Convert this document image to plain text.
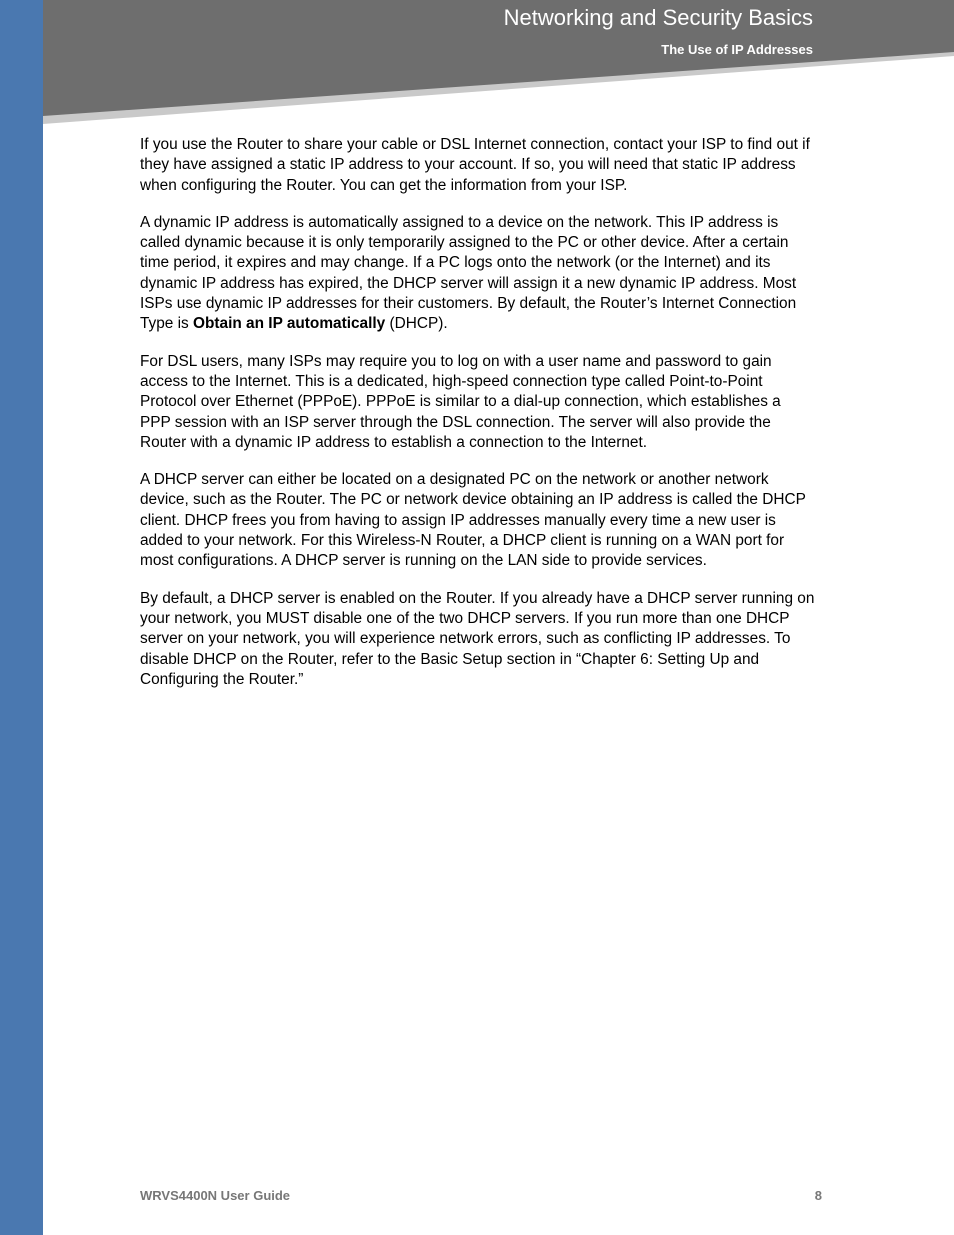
Networking and Security Basics
The Use of IP Addresses

If you use the Router to share your cable or DSL Internet connection, contact your ISP to find out if they have assigned a static IP address to your account. If so, you will need that static IP address when configuring the Router. You can get the information from your ISP.

A dynamic IP address is automatically assigned to a device on the network. This IP address is called dynamic because it is only temporarily assigned to the PC or other device. After a certain time period, it expires and may change. If a PC logs onto the network (or the Internet) and its dynamic IP address has expired, the DHCP server will assign it a new dynamic IP address. Most ISPs use dynamic IP addresses for their customers. By default, the Router’s Internet Connection Type is Obtain an IP automatically (DHCP).

For DSL users, many ISPs may require you to log on with a user name and password to gain access to the Internet. This is a dedicated, high-speed connection type called Point-to-Point Protocol over Ethernet (PPPoE). PPPoE is similar to a dial-up connection, which establishes a PPP session with an ISP server through the DSL connection. The server will also provide the Router with a dynamic IP address to establish a connection to the Internet.

A DHCP server can either be located on a designated PC on the network or another network device, such as the Router. The PC or network device obtaining an IP address is called the DHCP client. DHCP frees you from having to assign IP addresses manually every time a new user is added to your network. For this Wireless-N Router, a DHCP client is running on a WAN port for most configurations. A DHCP server is running on the LAN side to provide services.

By default, a DHCP server is enabled on the Router. If you already have a DHCP server running on your network, you MUST disable one of the two DHCP servers. If you run more than one DHCP server on your network, you will experience network errors, such as conflicting IP addresses. To disable DHCP on the Router, refer to the Basic Setup section in “Chapter 6: Setting Up and Configuring the Router.”

WRVS4400N User Guide	8
